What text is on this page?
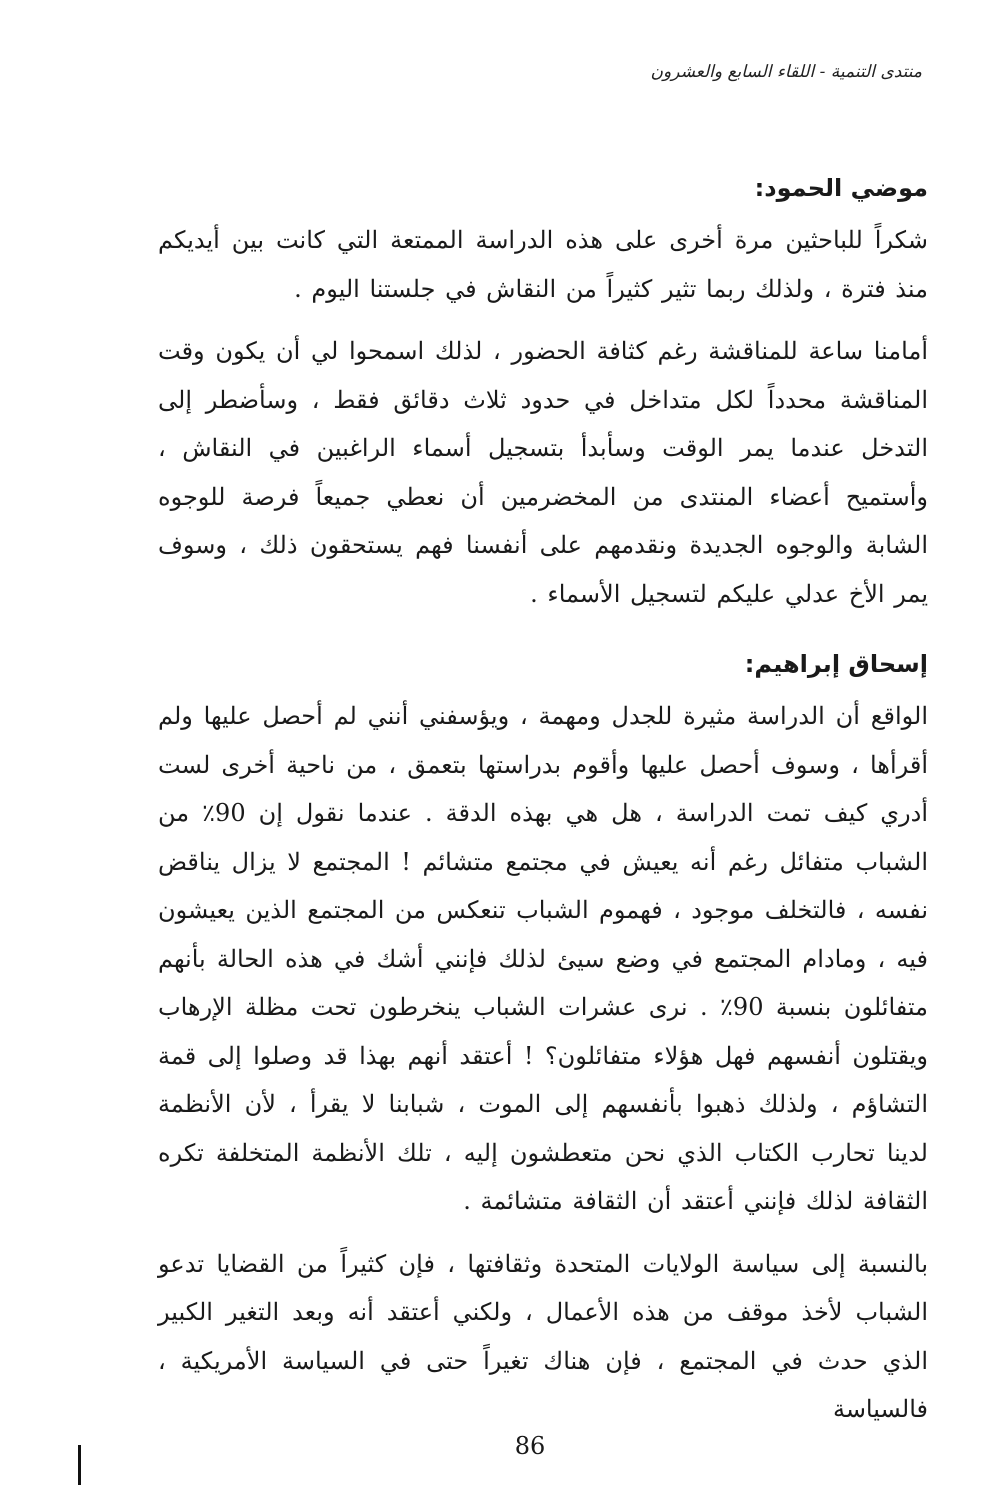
منتدى التنمية - اللقاء السابع والعشرون
موضي الحمود:

شكراً للباحثين مرة أخرى على هذه الدراسة الممتعة التي كانت بين أيديكم منذ فترة ، ولذلك ربما تثير كثيراً من النقاش في جلستنا اليوم .

أمامنا ساعة للمناقشة رغم كثافة الحضور ، لذلك اسمحوا لي أن يكون وقت المناقشة محدداً لكل متداخل في حدود ثلاث دقائق فقط ، وسأضطر إلى التدخل عندما يمر الوقت وسأبدأ بتسجيل أسماء الراغبين في النقاش ، وأستميح أعضاء المنتدى من المخضرمين أن نعطي جميعاً فرصة للوجوه الشابة والوجوه الجديدة ونقدمهم على أنفسنا فهم يستحقون ذلك ، وسوف يمر الأخ عدلي عليكم لتسجيل الأسماء .

إسحاق إبراهيم:

الواقع أن الدراسة مثيرة للجدل ومهمة ، ويؤسفني أنني لم أحصل عليها ولم أقرأها ، وسوف أحصل عليها وأقوم بدراستها بتعمق ، من ناحية أخرى لست أدري كيف تمت الدراسة ، هل هي بهذه الدقة . عندما نقول إن 90٪ من الشباب متفائل رغم أنه يعيش في مجتمع متشائم ! المجتمع لا يزال يناقض نفسه ، فالتخلف موجود ، فهموم الشباب تنعكس من المجتمع الذين يعيشون فيه ، ومادام المجتمع في وضع سيئ لذلك فإنني أشك في هذه الحالة بأنهم متفائلون بنسبة 90٪ . نرى عشرات الشباب ينخرطون تحت مظلة الإرهاب ويقتلون أنفسهم فهل هؤلاء متفائلون؟ ! أعتقد أنهم بهذا قد وصلوا إلى قمة التشاؤم ، ولذلك ذهبوا بأنفسهم إلى الموت ، شبابنا لا يقرأ ، لأن الأنظمة لدينا تحارب الكتاب الذي نحن متعطشون إليه ، تلك الأنظمة المتخلفة تكره الثقافة لذلك فإنني أعتقد أن الثقافة متشائمة .

بالنسبة إلى سياسة الولايات المتحدة وثقافتها ، فإن كثيراً من القضايا تدعو الشباب لأخذ موقف من هذه الأعمال ، ولكني أعتقد أنه وبعد التغير الكبير الذي حدث في المجتمع ، فإن هناك تغيراً حتى في السياسة الأمريكية ، فالسياسة

86
